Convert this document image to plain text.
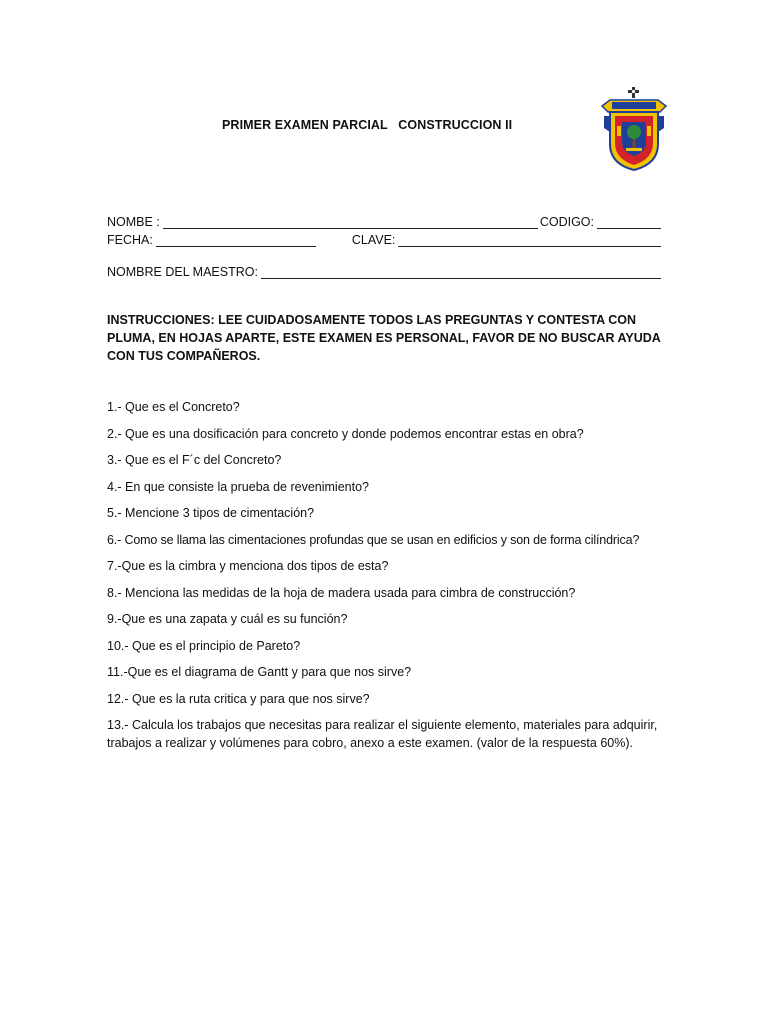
PRIMER EXAMEN PARCIAL   CONSTRUCCION II
NOMBE :	CODIGO:
FECHA:	CLAVE:
NOMBRE DEL MAESTRO:
INSTRUCCIONES: LEE CUIDADOSAMENTE TODOS LAS PREGUNTAS Y CONTESTA CON PLUMA, EN HOJAS APARTE, ESTE EXAMEN ES PERSONAL, FAVOR DE NO BUSCAR AYUDA CON TUS COMPAÑEROS.
1.- Que es el Concreto?
2.- Que es una dosificación para concreto y donde podemos encontrar estas en obra?
3.- Que es el F´c del Concreto?
4.- En que consiste la prueba de revenimiento?
5.- Mencione 3 tipos de cimentación?
6.- Como se llama las cimentaciones profundas que se usan en edificios y son de forma cilíndrica?
7.-Que es la cimbra y menciona dos tipos de esta?
8.- Menciona las medidas de la hoja de madera usada para cimbra de construcción?
9.-Que es una zapata y cuál es su función?
10.- Que es el principio de Pareto?
11.-Que es el diagrama de Gantt y para que nos sirve?
12.- Que es la ruta critica y para que nos sirve?
13.- Calcula los trabajos que necesitas para realizar el siguiente elemento, materiales para adquirir, trabajos a realizar y volúmenes para cobro, anexo a este examen. (valor de la respuesta 60%).
